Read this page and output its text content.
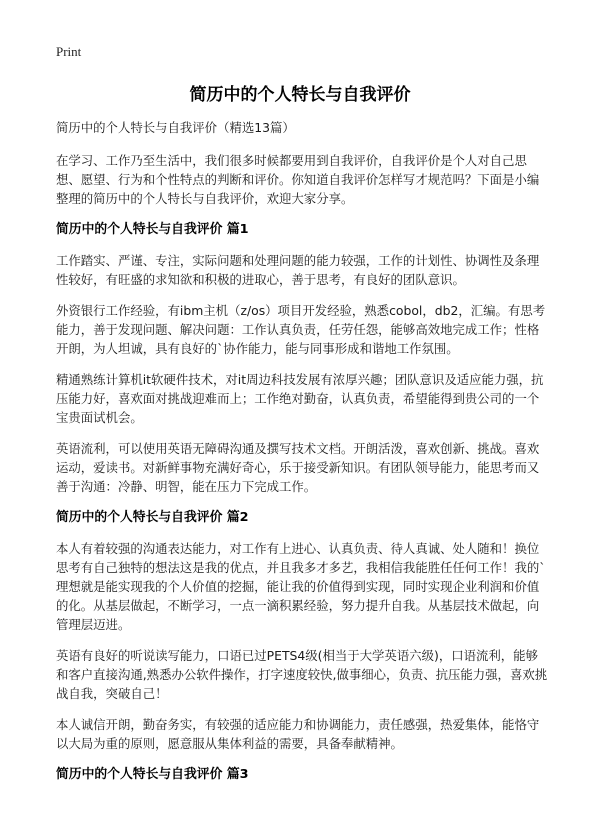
Print
简历中的个人特长与自我评价

简历中的个人特长与自我评价（精选13篇）

在学习、工作乃至生活中，我们很多时候都要用到自我评价，自我评价是个人对自己思想、愿望、行为和个性特点的判断和评价。你知道自我评价怎样写才规范吗？下面是小编整理的简历中的个人特长与自我评价，欢迎大家分享。

简历中的个人特长与自我评价 篇1

工作踏实、严谨、专注，实际问题和处理问题的能力较强，工作的计划性、协调性及条理性较好，有旺盛的求知欲和积极的进取心，善于思考，有良好的团队意识。

外资银行工作经验，有ibm主机（z/os）项目开发经验，熟悉cobol，db2，汇编。有思考能力，善于发现问题、解决问题：工作认真负责，任劳任怨，能够高效地完成工作；性格开朗，为人坦诚，具有良好的`协作能力，能与同事形成和谐地工作氛围。

精通熟练计算机it软硬件技术，对it周边科技发展有浓厚兴趣；团队意识及适应能力强，抗压能力好，喜欢面对挑战迎难而上；工作绝对勤奋，认真负责，希望能得到贵公司的一个宝贵面试机会。

英语流利，可以使用英语无障碍沟通及撰写技术文档。开朗活泼，喜欢创新、挑战。喜欢运动，爱读书。对新鲜事物充满好奇心，乐于接受新知识。有团队领导能力，能思考而又善于沟通：冷静、明智，能在压力下完成工作。

简历中的个人特长与自我评价 篇2

本人有着较强的沟通表达能力，对工作有上进心、认真负责、待人真诚、处人随和！换位思考有自己独特的想法这是我的优点，并且我多才多艺，我相信我能胜任任何工作！我的`理想就是能实现我的个人价值的挖掘，能让我的价值得到实现，同时实现企业利润和价值的化。从基层做起，不断学习，一点一滴积累经验，努力提升自我。从基层技术做起，向管理层迈进。

英语有良好的听说读写能力，口语已过PETS4级(相当于大学英语六级)，口语流利，能够和客户直接沟通,熟悉办公软件操作，打字速度较快,做事细心，负责、抗压能力强，喜欢挑战自我，突破自己！

本人诚信开朗，勤奋务实，有较强的适应能力和协调能力，责任感强，热爱集体，能恪守以大局为重的原则，愿意服从集体利益的需要，具备奉献精神。

简历中的个人特长与自我评价 篇3
